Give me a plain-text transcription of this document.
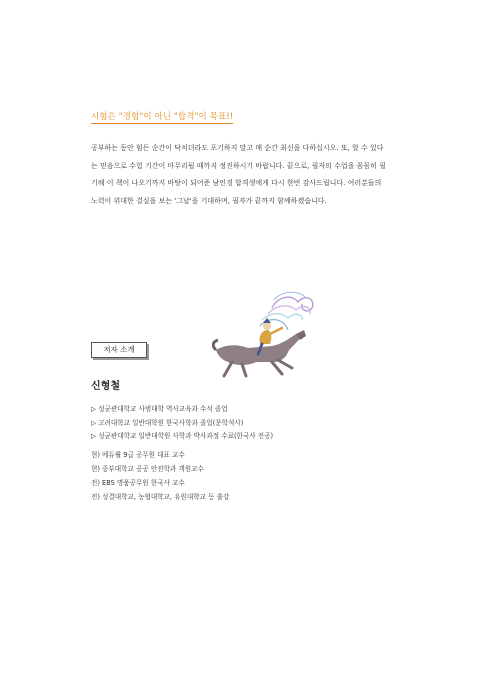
시험은 "경험"이 아닌 "합격"이 목표!!
공부하는 동안 힘든 순간이 닥치더라도 포기하지 말고 매 순간 최선을 다하십시오. 또, 할 수 있다
는 믿음으로 수험 기간이 마무리될 때까지 정진하시기 바랍니다. 끝으로, 필자의 수업을 꼼꼼히 필
기해 이 책이 나오기까지 바탕이 되어준 남인경 합격생에게 다시 한번 감사드립니다. 여러분들의
노력이 위대한 결실을 보는 '그날'을 기대하며, 필자가 끝까지 함께하겠습니다.
저자 소개
신형철
▷ 성균관대학교 사범대학 역사교육과 수석 졸업
▷ 고려대학교 일반대학원 한국사학과 졸업(문학석사)
▷ 성균관대학교 일반대학원 사학과 박사과정 수료(한국사 전공)
현) 에듀윌 9급 공무원 대표 교수
현) 중부대학교 공공 안전학과 객원교수
전) EBS 명품공무원 한국사 교수
전) 성결대학교, 농협대학교, 유원대학교 등 출강
